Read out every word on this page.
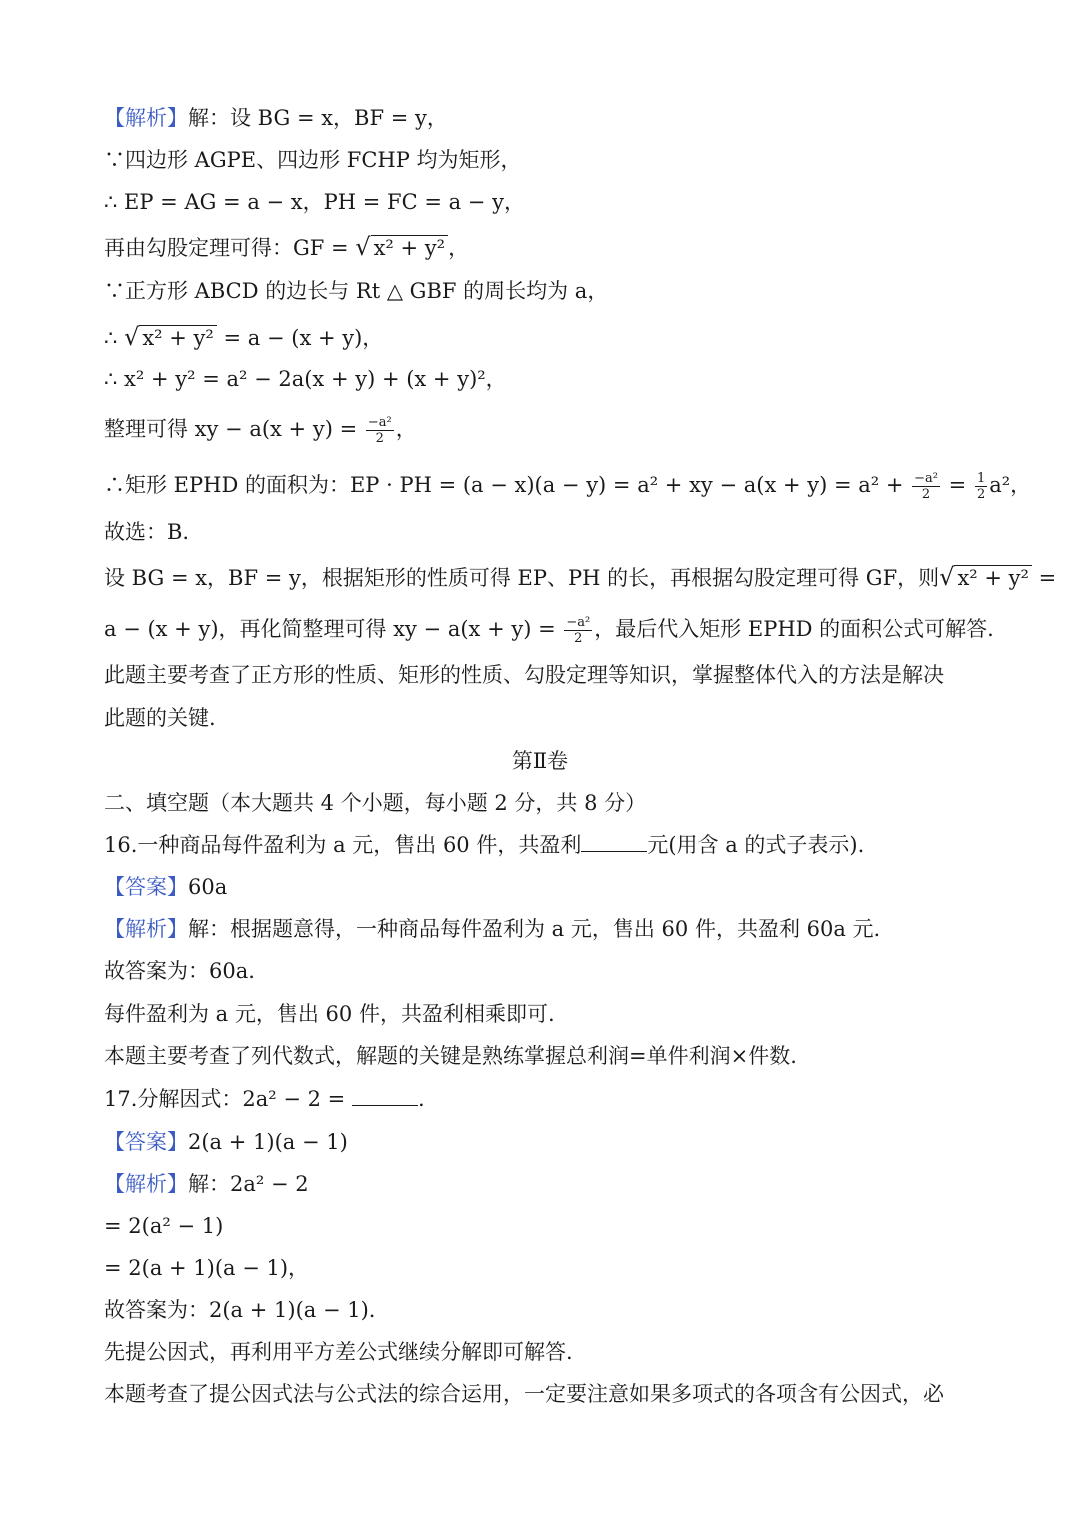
【解析】解：设 BG = x，BF = y，
∵四边形 AGPE、四边形 FCHP 均为矩形，
∴ EP = AG = a − x，PH = FC = a − y，
再由勾股定理可得：GF = √ x² + y² ，
∵正方形 ABCD 的边长与 Rt △ GBF 的周长均为 a，
∴ √ x² + y² = a − (x + y)，
∴ x² + y² = a² − 2a(x + y) + (x + y)²，
整理可得 xy − $a(x + y) = \frac{\text{−a²}}{2}$ ，
∴矩形 EPHD 的面积为：EP · PH = (a − x)(a − y) = a² + xy − $a(x + y) = a^2 + \frac{\text{−a²}}{2} = \frac{1}{2} a^2$，
故选：B.
设 BG = x，BF = y，根据矩形的性质可得 EP、PH 的长，再根据勾股定理可得 GF，则√ x² + y² =
a − (x + y)，再化简整理可得 xy − $a(x + y) = \frac{\text{−a²}}{2}$ ，最后代入矩形 EPHD 的面积公式可解答.
此题主要考查了正方形的性质、矩形的性质、勾股定理等知识，掌握整体代入的方法是解决
此题的关键.
第Ⅱ卷
二、填空题（本大题共 4 个小题，每小题 2 分，共 8 分）
16.一种商品每件盈利为 a 元，售出 60 件，共盈利	元(用含 a 的式子表示).
【答案】60a
【解析】解：根据题意得，一种商品每件盈利为 a 元，售出 60 件，共盈利 60a 元.
故答案为：60a.
每件盈利为 a 元，售出 60 件，共盈利相乘即可.
本题主要考查了列代数式，解题的关键是熟练掌握总利润=单件利润×件数.
17.分解因式：2a² − 2 =	.
【答案】2(a + 1)(a − 1)
【解析】解：2a² − 2
= 2(a² − 1)
= 2(a + 1)(a − 1)，
故答案为：2(a + 1)(a − 1).
先提公因式，再利用平方差公式继续分解即可解答.
本题考查了提公因式法与公式法的综合运用，一定要注意如果多项式的各项含有公因式，必
